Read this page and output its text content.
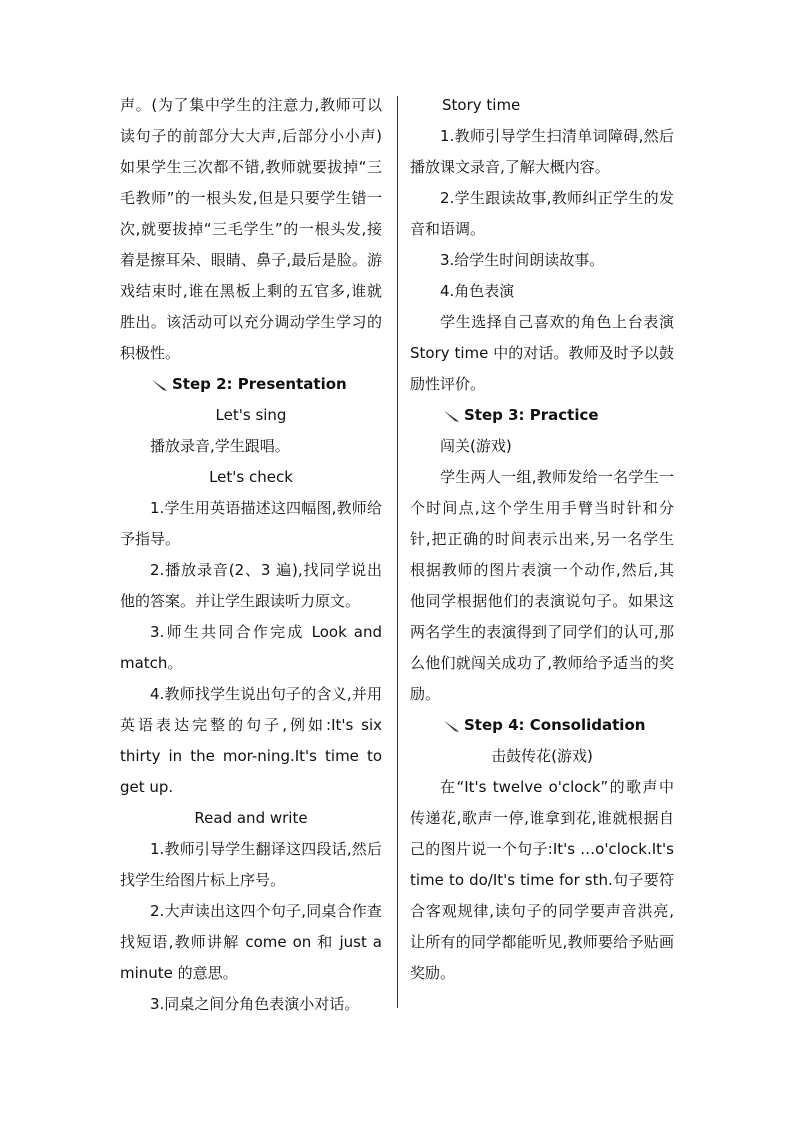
声。(为了集中学生的注意力,教师可以读句子的前部分大大声,后部分小小声)如果学生三次都不错,教师就要拔掉“三毛教师”的一根头发,但是只要学生错一次,就要拔掉“三毛学生”的一根头发,接着是擦耳朵、眼睛、鼻子,最后是脸。游戏结束时,谁在黑板上剩的五官多,谁就胜出。该活动可以充分调动学生学习的积极性。

Step 2: Presentation

Let's sing

播放录音,学生跟唱。

Let's check

1.学生用英语描述这四幅图,教师给予指导。

2.播放录音(2、3 遍),找同学说出他的答案。并让学生跟读听力原文。

3.师生共同合作完成 Look and match。

4.教师找学生说出句子的含义,并用英语表达完整的句子,例如:It's six thirty in the mor-ning.It's time to get up.

Read and write

1.教师引导学生翻译这四段话,然后找学生给图片标上序号。

2.大声读出这四个句子,同桌合作查找短语,教师讲解 come on 和 just a minute 的意思。

3.同桌之间分角色表演小对话。

Story time

1.教师引导学生扫清单词障碍,然后播放课文录音,了解大概内容。

2.学生跟读故事,教师纠正学生的发音和语调。

3.给学生时间朗读故事。

4.角色表演

学生选择自己喜欢的角色上台表演 Story time 中的对话。教师及时予以鼓励性评价。

Step 3: Practice

闯关(游戏)

学生两人一组,教师发给一名学生一个时间点,这个学生用手臂当时针和分针,把正确的时间表示出来,另一名学生根据教师的图片表演一个动作,然后,其他同学根据他们的表演说句子。如果这两名学生的表演得到了同学们的认可,那么他们就闯关成功了,教师给予适当的奖励。

Step 4: Consolidation

击鼓传花(游戏)

在“It's twelve o'clock”的歌声中传递花,歌声一停,谁拿到花,谁就根据自己的图片说一个句子:It's …o'clock.It's time to do/It's time for sth.句子要符合客观规律,读句子的同学要声音洪亮,让所有的同学都能听见,教师要给予贴画奖励。
